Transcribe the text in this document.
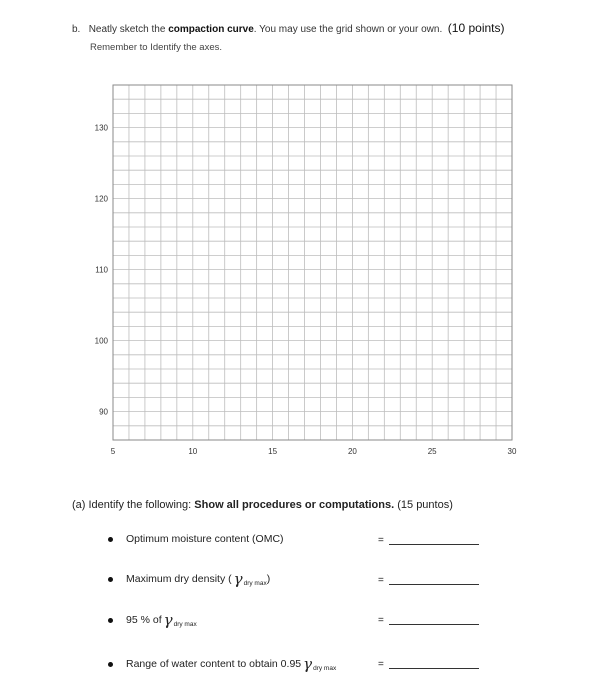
b. Neatly sketch the compaction curve. You may use the grid shown or your own. (10 points)
Remember to Identify the axes.
130
120
110
100
90
5	10	15	20	25	30
(a) Identify the following: Show all procedures or computations. (15 puntos)
Optimum moisture content (OMC)	=
Maximum dry density ( γ dry max )	=
95 % of γ dry max	=
Range of water content to obtain 0.95 γ dry max	=
